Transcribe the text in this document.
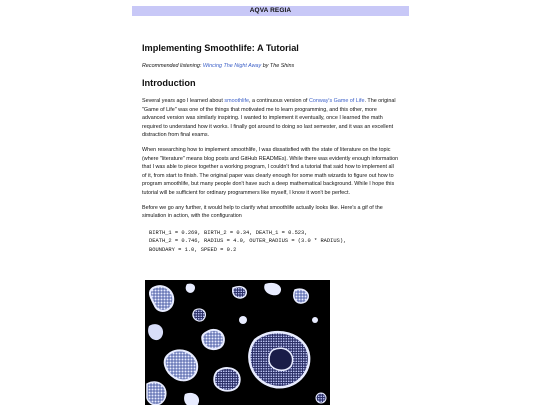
AQVA REGIA
Implementing Smoothlife: A Tutorial
Recommended listening: Wincing The Night Away by The Shins
Introduction

Several years ago I learned about smoothlife, a continuous version of Conway's Game of Life. The original "Game of Life" was one of the things that motivated me to learn programming, and this other, more advanced version was similarly inspiring. I wanted to implement it eventually, once I learned the math required to understand how it works. I finally got around to doing so last semester, and it was an excellent distraction from final exams.

When researching how to implement smoothlife, I was dissatisfied with the state of literature on the topic (where "literature" means blog posts and GitHub READMEs). While there was evidently enough information that I was able to piece together a working program, I couldn't find a tutorial that said how to implement all of it, from start to finish. The original paper was clearly enough for some math wizards to figure out how to program smoothlife, but many people don't have such a deep mathematical background. While I hope this tutorial will be sufficient for ordinary programmers like myself, I know it won't be perfect.

Before we go any further, it would help to clarify what smoothlife actually looks like. Here's a gif of the simulation in action, with the configuration

BIRTH_1 = 0.269, BIRTH_2 = 0.34, DEATH_1 = 0.523,
DEATH_2 = 0.746, RADIUS = 4.0, OUTER_RADIUS = (3.0 * RADIUS),
BOUNDARY = 1.0, SPEED = 0.2
